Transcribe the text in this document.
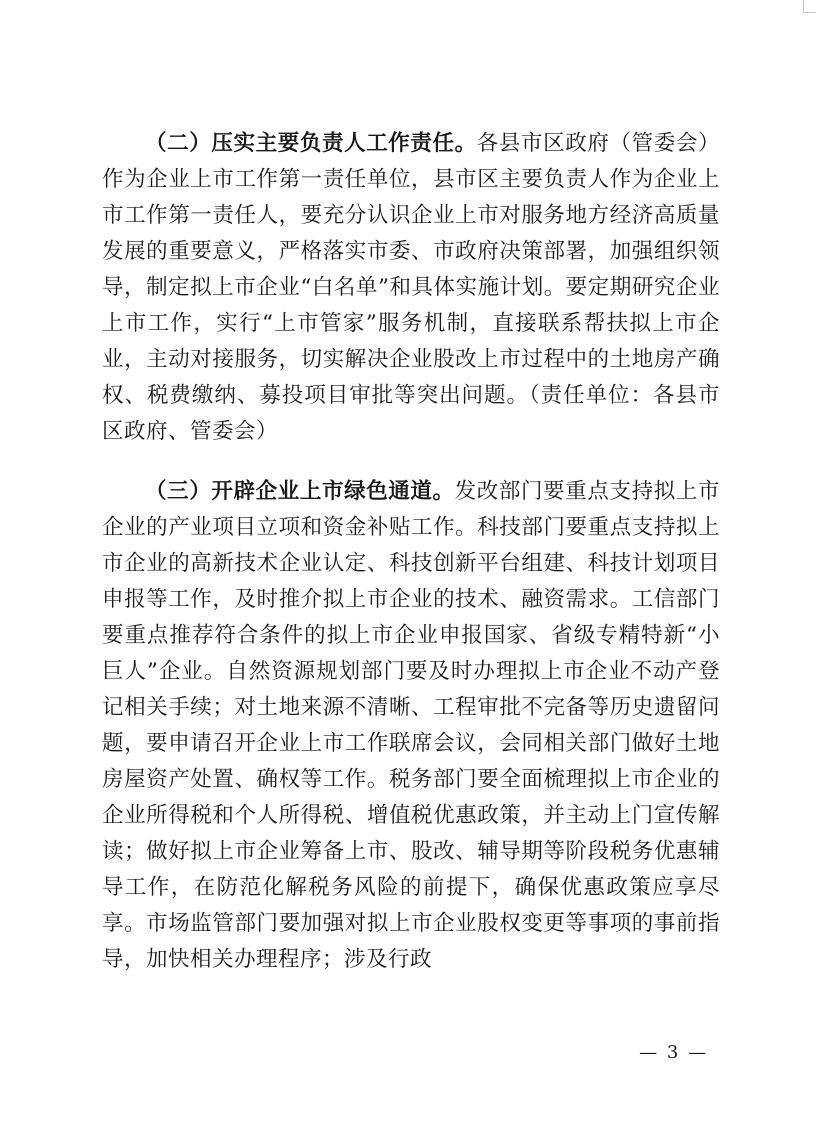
（二）压实主要负责人工作责任。各县市区政府（管委会）作为企业上市工作第一责任单位，县市区主要负责人作为企业上市工作第一责任人，要充分认识企业上市对服务地方经济高质量发展的重要意义，严格落实市委、市政府决策部署，加强组织领导，制定拟上市企业“白名单”和具体实施计划。要定期研究企业上市工作，实行“上市管家”服务机制，直接联系帮扶拟上市企业，主动对接服务，切实解决企业股改上市过程中的土地房产确权、税费缴纳、募投项目审批等突出问题。（责任单位：各县市区政府、管委会）

（三）开辟企业上市绿色通道。发改部门要重点支持拟上市企业的产业项目立项和资金补贴工作。科技部门要重点支持拟上市企业的高新技术企业认定、科技创新平台组建、科技计划项目申报等工作，及时推介拟上市企业的技术、融资需求。工信部门要重点推荐符合条件的拟上市企业申报国家、省级专精特新“小巨人”企业。自然资源规划部门要及时办理拟上市企业不动产登记相关手续；对土地来源不清晰、工程审批不完备等历史遗留问题，要申请召开企业上市工作联席会议，会同相关部门做好土地房屋资产处置、确权等工作。税务部门要全面梳理拟上市企业的企业所得税和个人所得税、增值税优惠政策，并主动上门宣传解读；做好拟上市企业筹备上市、股改、辅导期等阶段税务优惠辅导工作，在防范化解税务风险的前提下，确保优惠政策应享尽享。市场监管部门要加强对拟上市企业股权变更等事项的事前指导，加快相关办理程序；涉及行政

— 3 —
